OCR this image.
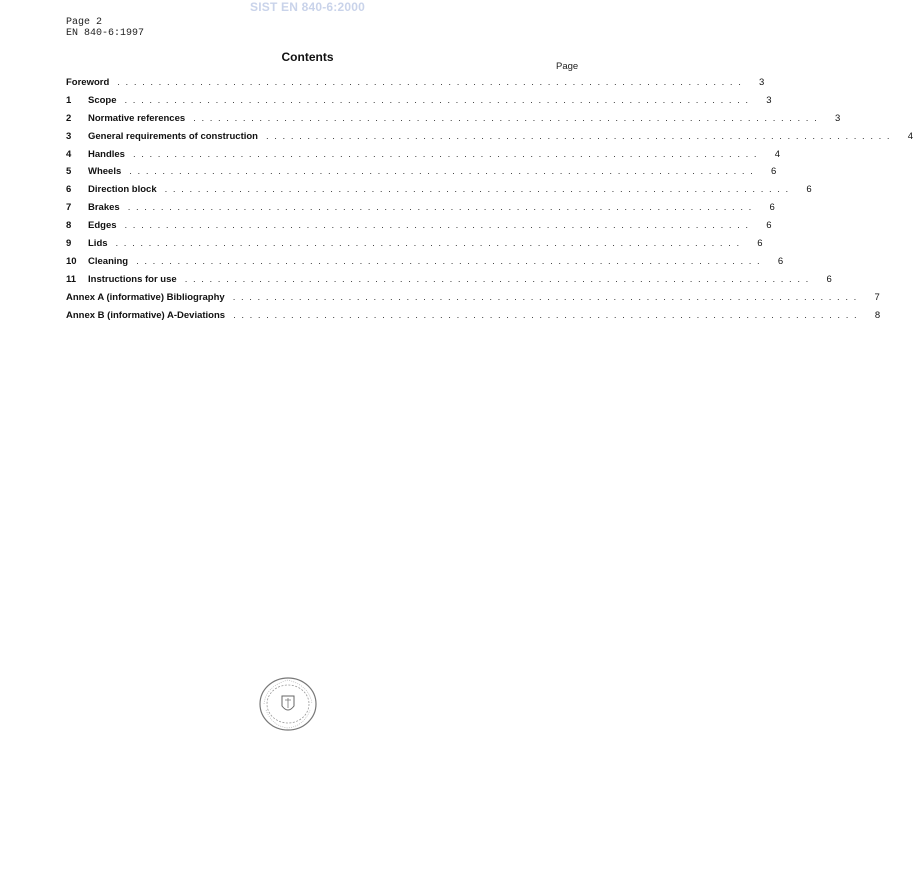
SIST EN 840-6:2000
Page 2
EN 840-6:1997
Contents
Page
Foreword . . . . . . . . . . . . . . . . . . . . . . . . . . . . . . . . . . . . . . . . . . . . . . . . . . . . . . . . . . . . . . . . . . . . . . . . . . . .	3
1	Scope . . . . . . . . . . . . . . . . . . . . . . . . . . . . . . . . . . . . . . . . . . . . . . . . . . . . . . . . . . . . . . . . . . . . . . . . . . . .	3
2	Normative references . . . . . . . . . . . . . . . . . . . . . . . . . . . . . . . . . . . . . . . . . . . . . . . . . . . . . . . . . . . . . . . . . . . . . . . . . . . .	3
3	General requirements of construction . . . . . . . . . . . . . . . . . . . . . . . . . . . . . . . . . . . . . . . . . . . . . . . . . . . . . . . . . . . . . . . . . . . . . . . . . . . .	4
4	Handles . . . . . . . . . . . . . . . . . . . . . . . . . . . . . . . . . . . . . . . . . . . . . . . . . . . . . . . . . . . . . . . . . . . . . . . . . . . .	4
5	Wheels . . . . . . . . . . . . . . . . . . . . . . . . . . . . . . . . . . . . . . . . . . . . . . . . . . . . . . . . . . . . . . . . . . . . . . . . . . . .	6
6	Direction block . . . . . . . . . . . . . . . . . . . . . . . . . . . . . . . . . . . . . . . . . . . . . . . . . . . . . . . . . . . . . . . . . . . . . . . . . . . .	6
7	Brakes . . . . . . . . . . . . . . . . . . . . . . . . . . . . . . . . . . . . . . . . . . . . . . . . . . . . . . . . . . . . . . . . . . . . . . . . . . . .	6
8	Edges . . . . . . . . . . . . . . . . . . . . . . . . . . . . . . . . . . . . . . . . . . . . . . . . . . . . . . . . . . . . . . . . . . . . . . . . . . . .	6
9	Lids . . . . . . . . . . . . . . . . . . . . . . . . . . . . . . . . . . . . . . . . . . . . . . . . . . . . . . . . . . . . . . . . . . . . . . . . . . . .	6
10	Cleaning . . . . . . . . . . . . . . . . . . . . . . . . . . . . . . . . . . . . . . . . . . . . . . . . . . . . . . . . . . . . . . . . . . . . . . . . . . . .	6
11	Instructions for use . . . . . . . . . . . . . . . . . . . . . . . . . . . . . . . . . . . . . . . . . . . . . . . . . . . . . . . . . . . . . . . . . . . . . . . . . . . .	6
Annex A (informative) Bibliography . . . . . . . . . . . . . . . . . . . . . . . . . . . . . . . . . . . . . . . . . . . . . . . . . . . . . . . . . . . . . . . . . . . . . . . . . . . .	7
Annex B (informative) A-Deviations . . . . . . . . . . . . . . . . . . . . . . . . . . . . . . . . . . . . . . . . . . . . . . . . . . . . . . . . . . . . . . . . . . . . . . . . . . . .	8
